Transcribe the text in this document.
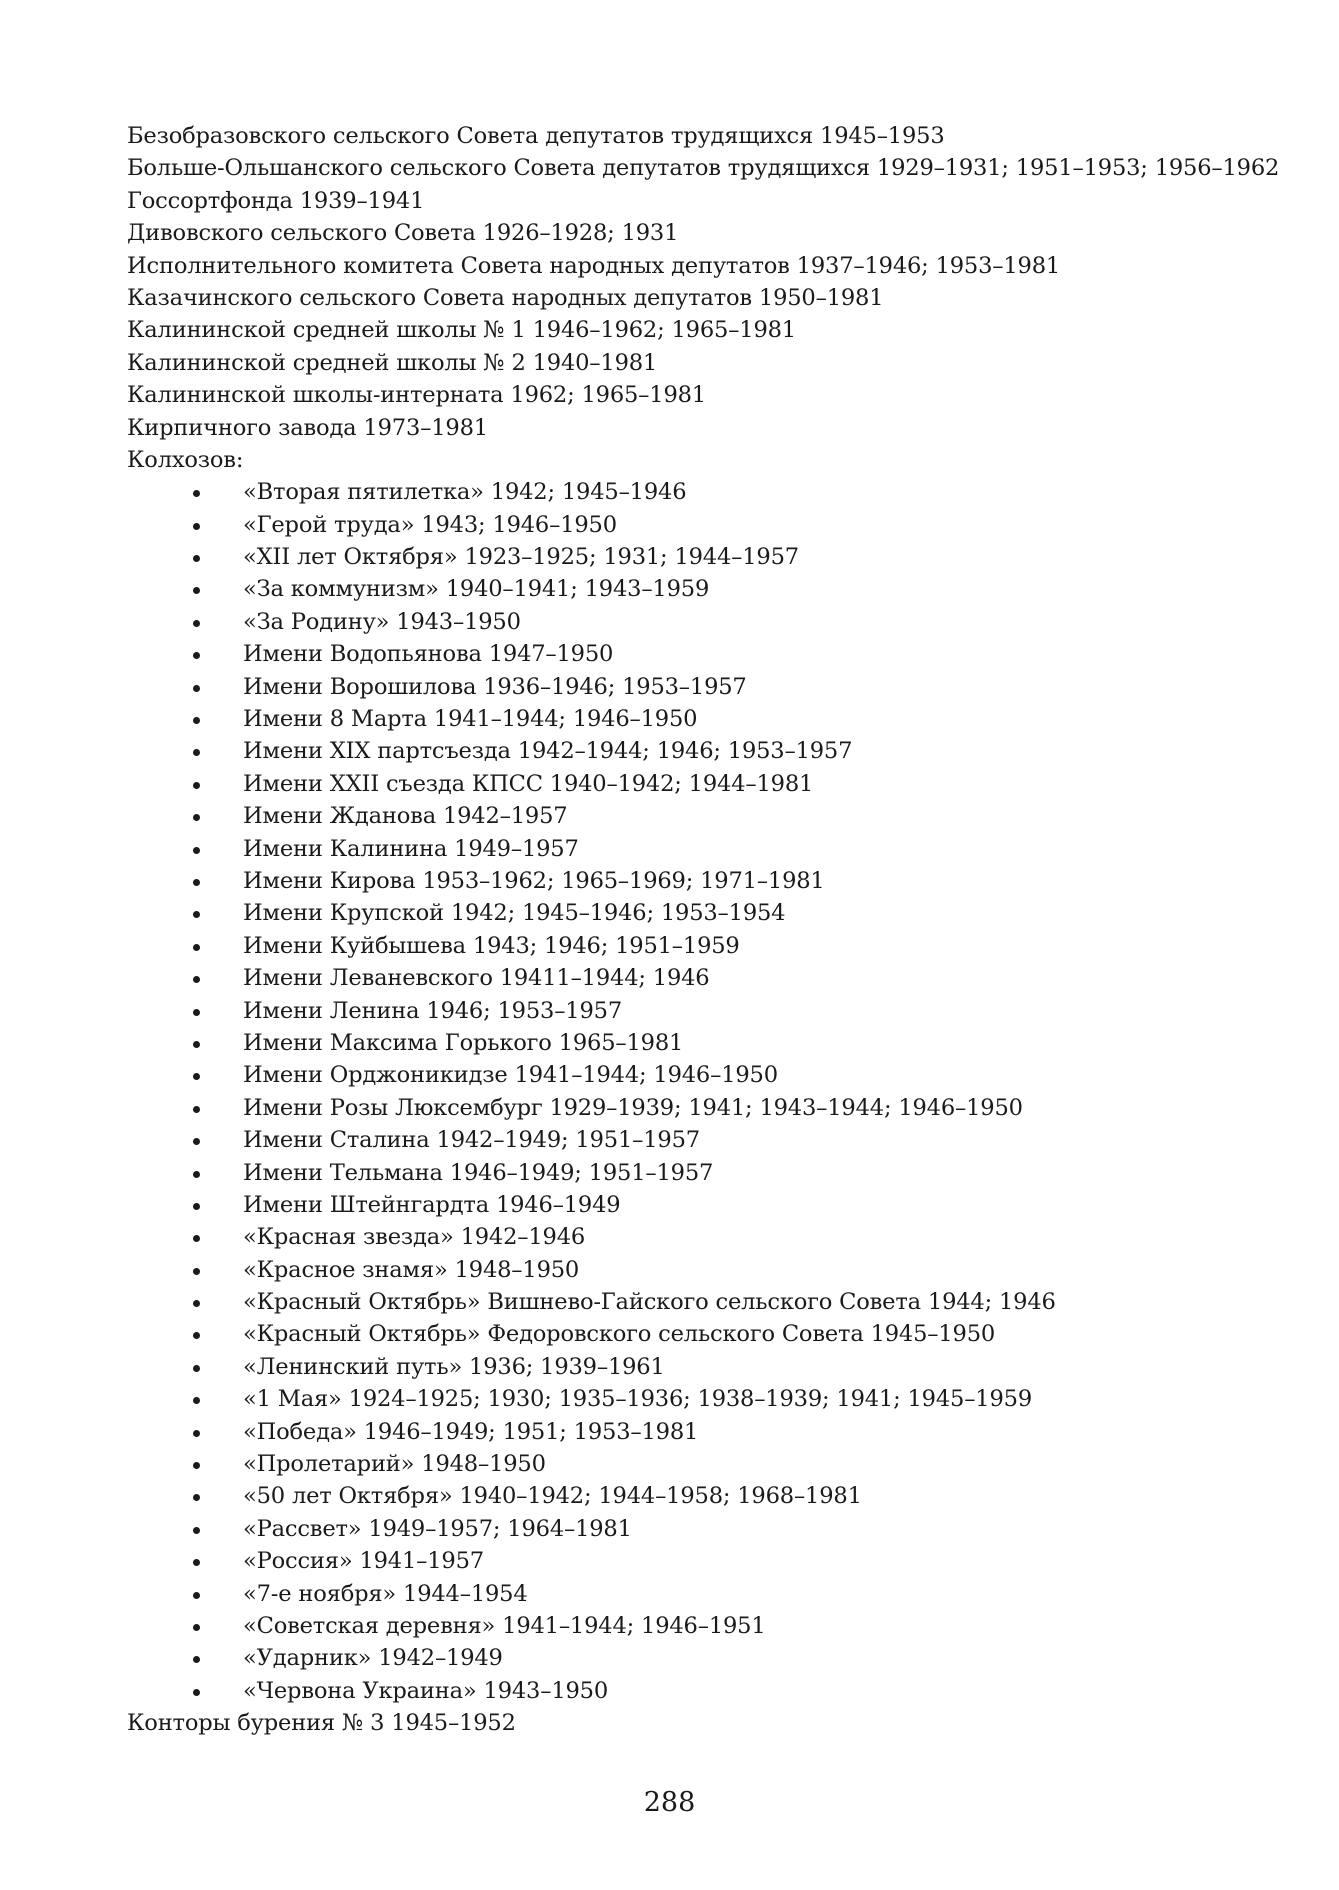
Безобразовского сельского Совета депутатов трудящихся 1945–1953
Больше-Ольшанского сельского Совета депутатов трудящихся 1929–1931; 1951–1953; 1956–1962
Госсортфонда 1939–1941
Дивовского сельского Совета 1926–1928; 1931
Исполнительного комитета Совета народных депутатов 1937–1946; 1953–1981
Казачинского сельского Совета народных депутатов 1950–1981
Калининской средней школы № 1 1946–1962; 1965–1981
Калининской средней школы № 2 1940–1981
Калининской школы-интерната 1962; 1965–1981
Кирпичного завода 1973–1981
Колхозов:
«Вторая пятилетка» 1942; 1945–1946
«Герой труда» 1943; 1946–1950
«XII лет Октября» 1923–1925; 1931; 1944–1957
«За коммунизм» 1940–1941; 1943–1959
«За Родину» 1943–1950
Имени Водопьянова 1947–1950
Имени Ворошилова 1936–1946; 1953–1957
Имени 8 Марта 1941–1944; 1946–1950
Имени XIX партсъезда 1942–1944; 1946; 1953–1957
Имени XXII съезда КПСС 1940–1942; 1944–1981
Имени Жданова 1942–1957
Имени Калинина 1949–1957
Имени Кирова 1953–1962; 1965–1969; 1971–1981
Имени Крупской 1942; 1945–1946; 1953–1954
Имени Куйбышева 1943; 1946; 1951–1959
Имени Леваневского 19411–1944; 1946
Имени Ленина 1946; 1953–1957
Имени Максима Горького 1965–1981
Имени Орджоникидзе 1941–1944; 1946–1950
Имени Розы Люксембург 1929–1939; 1941; 1943–1944; 1946–1950
Имени Сталина 1942–1949; 1951–1957
Имени Тельмана 1946–1949; 1951–1957
Имени Штейнгардта 1946–1949
«Красная звезда» 1942–1946
«Красное знамя» 1948–1950
«Красный Октябрь» Вишнево-Гайского сельского Совета 1944; 1946
«Красный Октябрь» Федоровского сельского Совета 1945–1950
«Ленинский путь» 1936; 1939–1961
«1 Мая» 1924–1925; 1930; 1935–1936; 1938–1939; 1941; 1945–1959
«Победа» 1946–1949; 1951; 1953–1981
«Пролетарий» 1948–1950
«50 лет Октября» 1940–1942; 1944–1958; 1968–1981
«Рассвет» 1949–1957; 1964–1981
«Россия» 1941–1957
«7-е ноября» 1944–1954
«Советская деревня» 1941–1944; 1946–1951
«Ударник» 1942–1949
«Червона Украина» 1943–1950
Конторы бурения № 3 1945–1952
288
